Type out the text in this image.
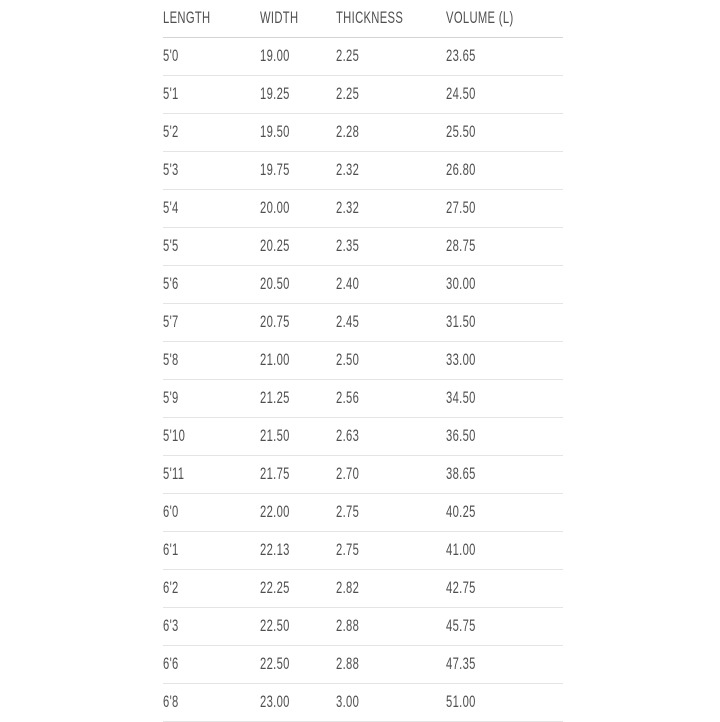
LENGTH	WIDTH	THICKNESS	VOLUME (L)
5'0	19.00	2.25	23.65
5'1	19.25	2.25	24.50
5'2	19.50	2.28	25.50
5'3	19.75	2.32	26.80
5'4	20.00	2.32	27.50
5'5	20.25	2.35	28.75
5'6	20.50	2.40	30.00
5'7	20.75	2.45	31.50
5'8	21.00	2.50	33.00
5'9	21.25	2.56	34.50
5'10	21.50	2.63	36.50
5'11	21.75	2.70	38.65
6'0	22.00	2.75	40.25
6'1	22.13	2.75	41.00
6'2	22.25	2.82	42.75
6'3	22.50	2.88	45.75
6'6	22.50	2.88	47.35
6'8	23.00	3.00	51.00
